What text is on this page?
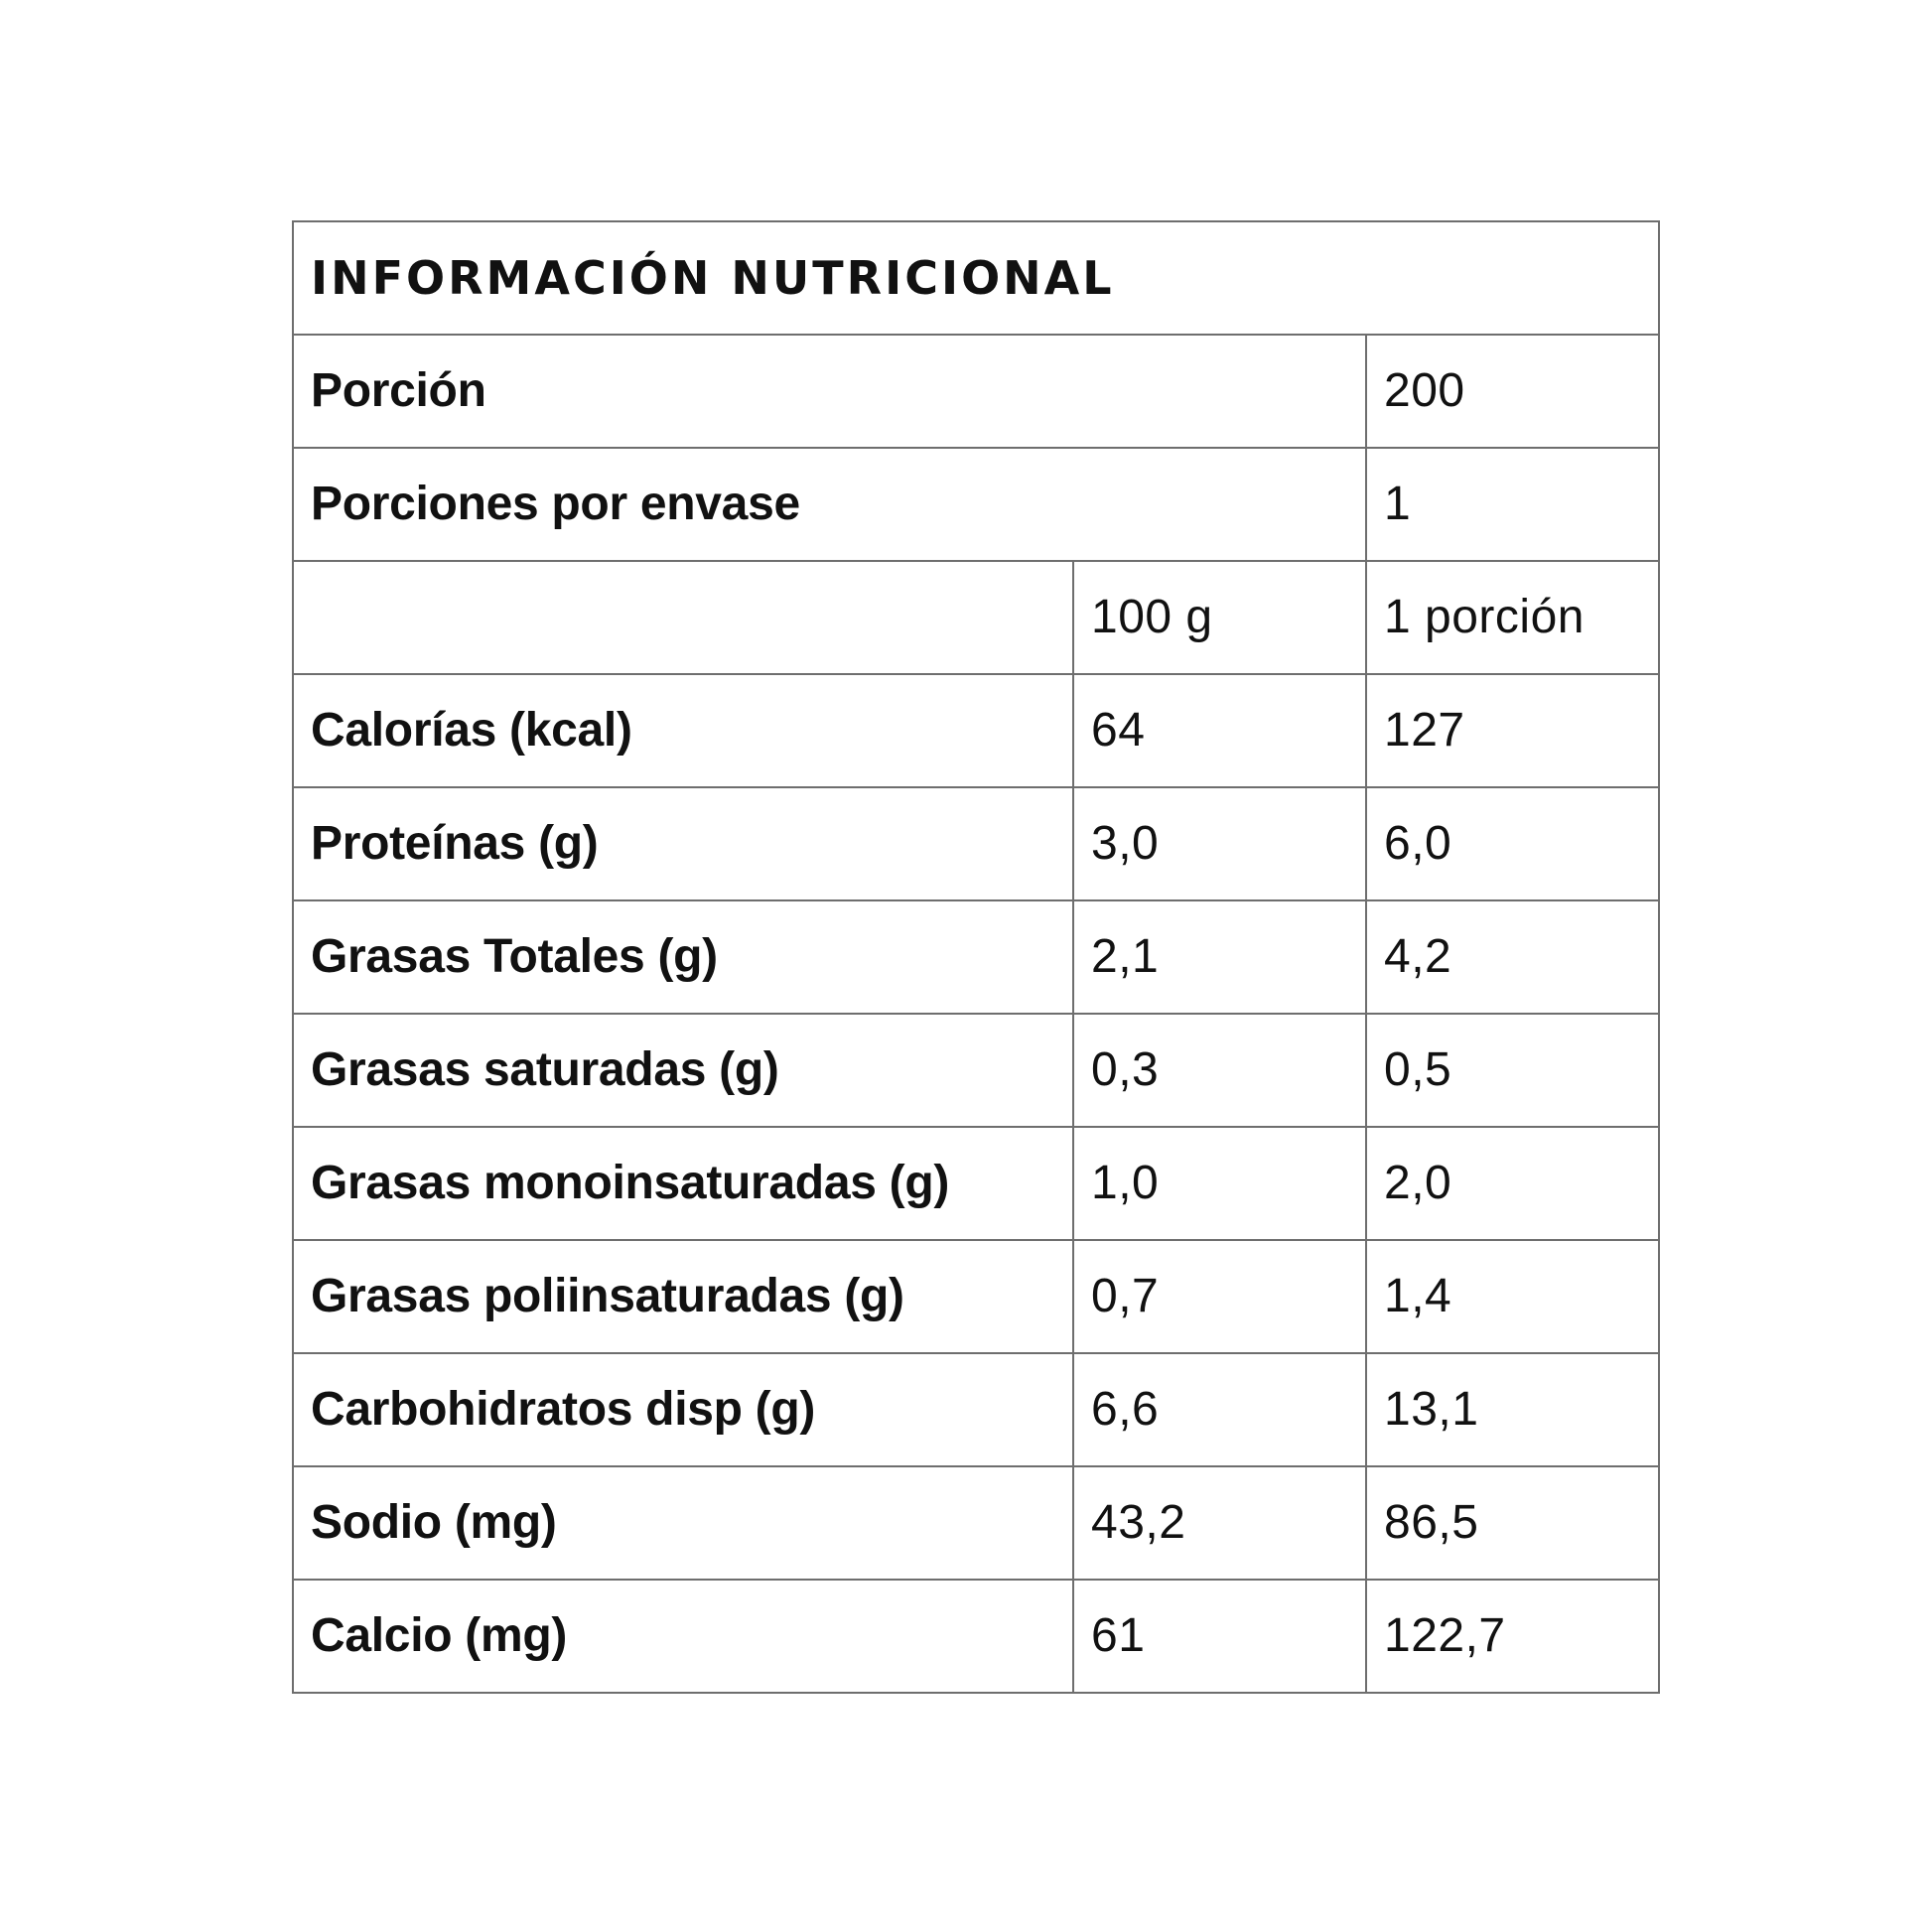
INFORMACIÓN NUTRICIONAL		
Porción		200
Porciones por envase		1
	100 g	1 porción
Calorías (kcal)	64	127
Proteínas (g)	3,0	6,0
Grasas Totales (g)	2,1	4,2
Grasas saturadas (g)	0,3	0,5
Grasas monoinsaturadas (g)	1,0	2,0
Grasas poliinsaturadas (g)	0,7	1,4
Carbohidratos disp (g)	6,6	13,1
Sodio (mg)	43,2	86,5
Calcio (mg)	61	122,7
